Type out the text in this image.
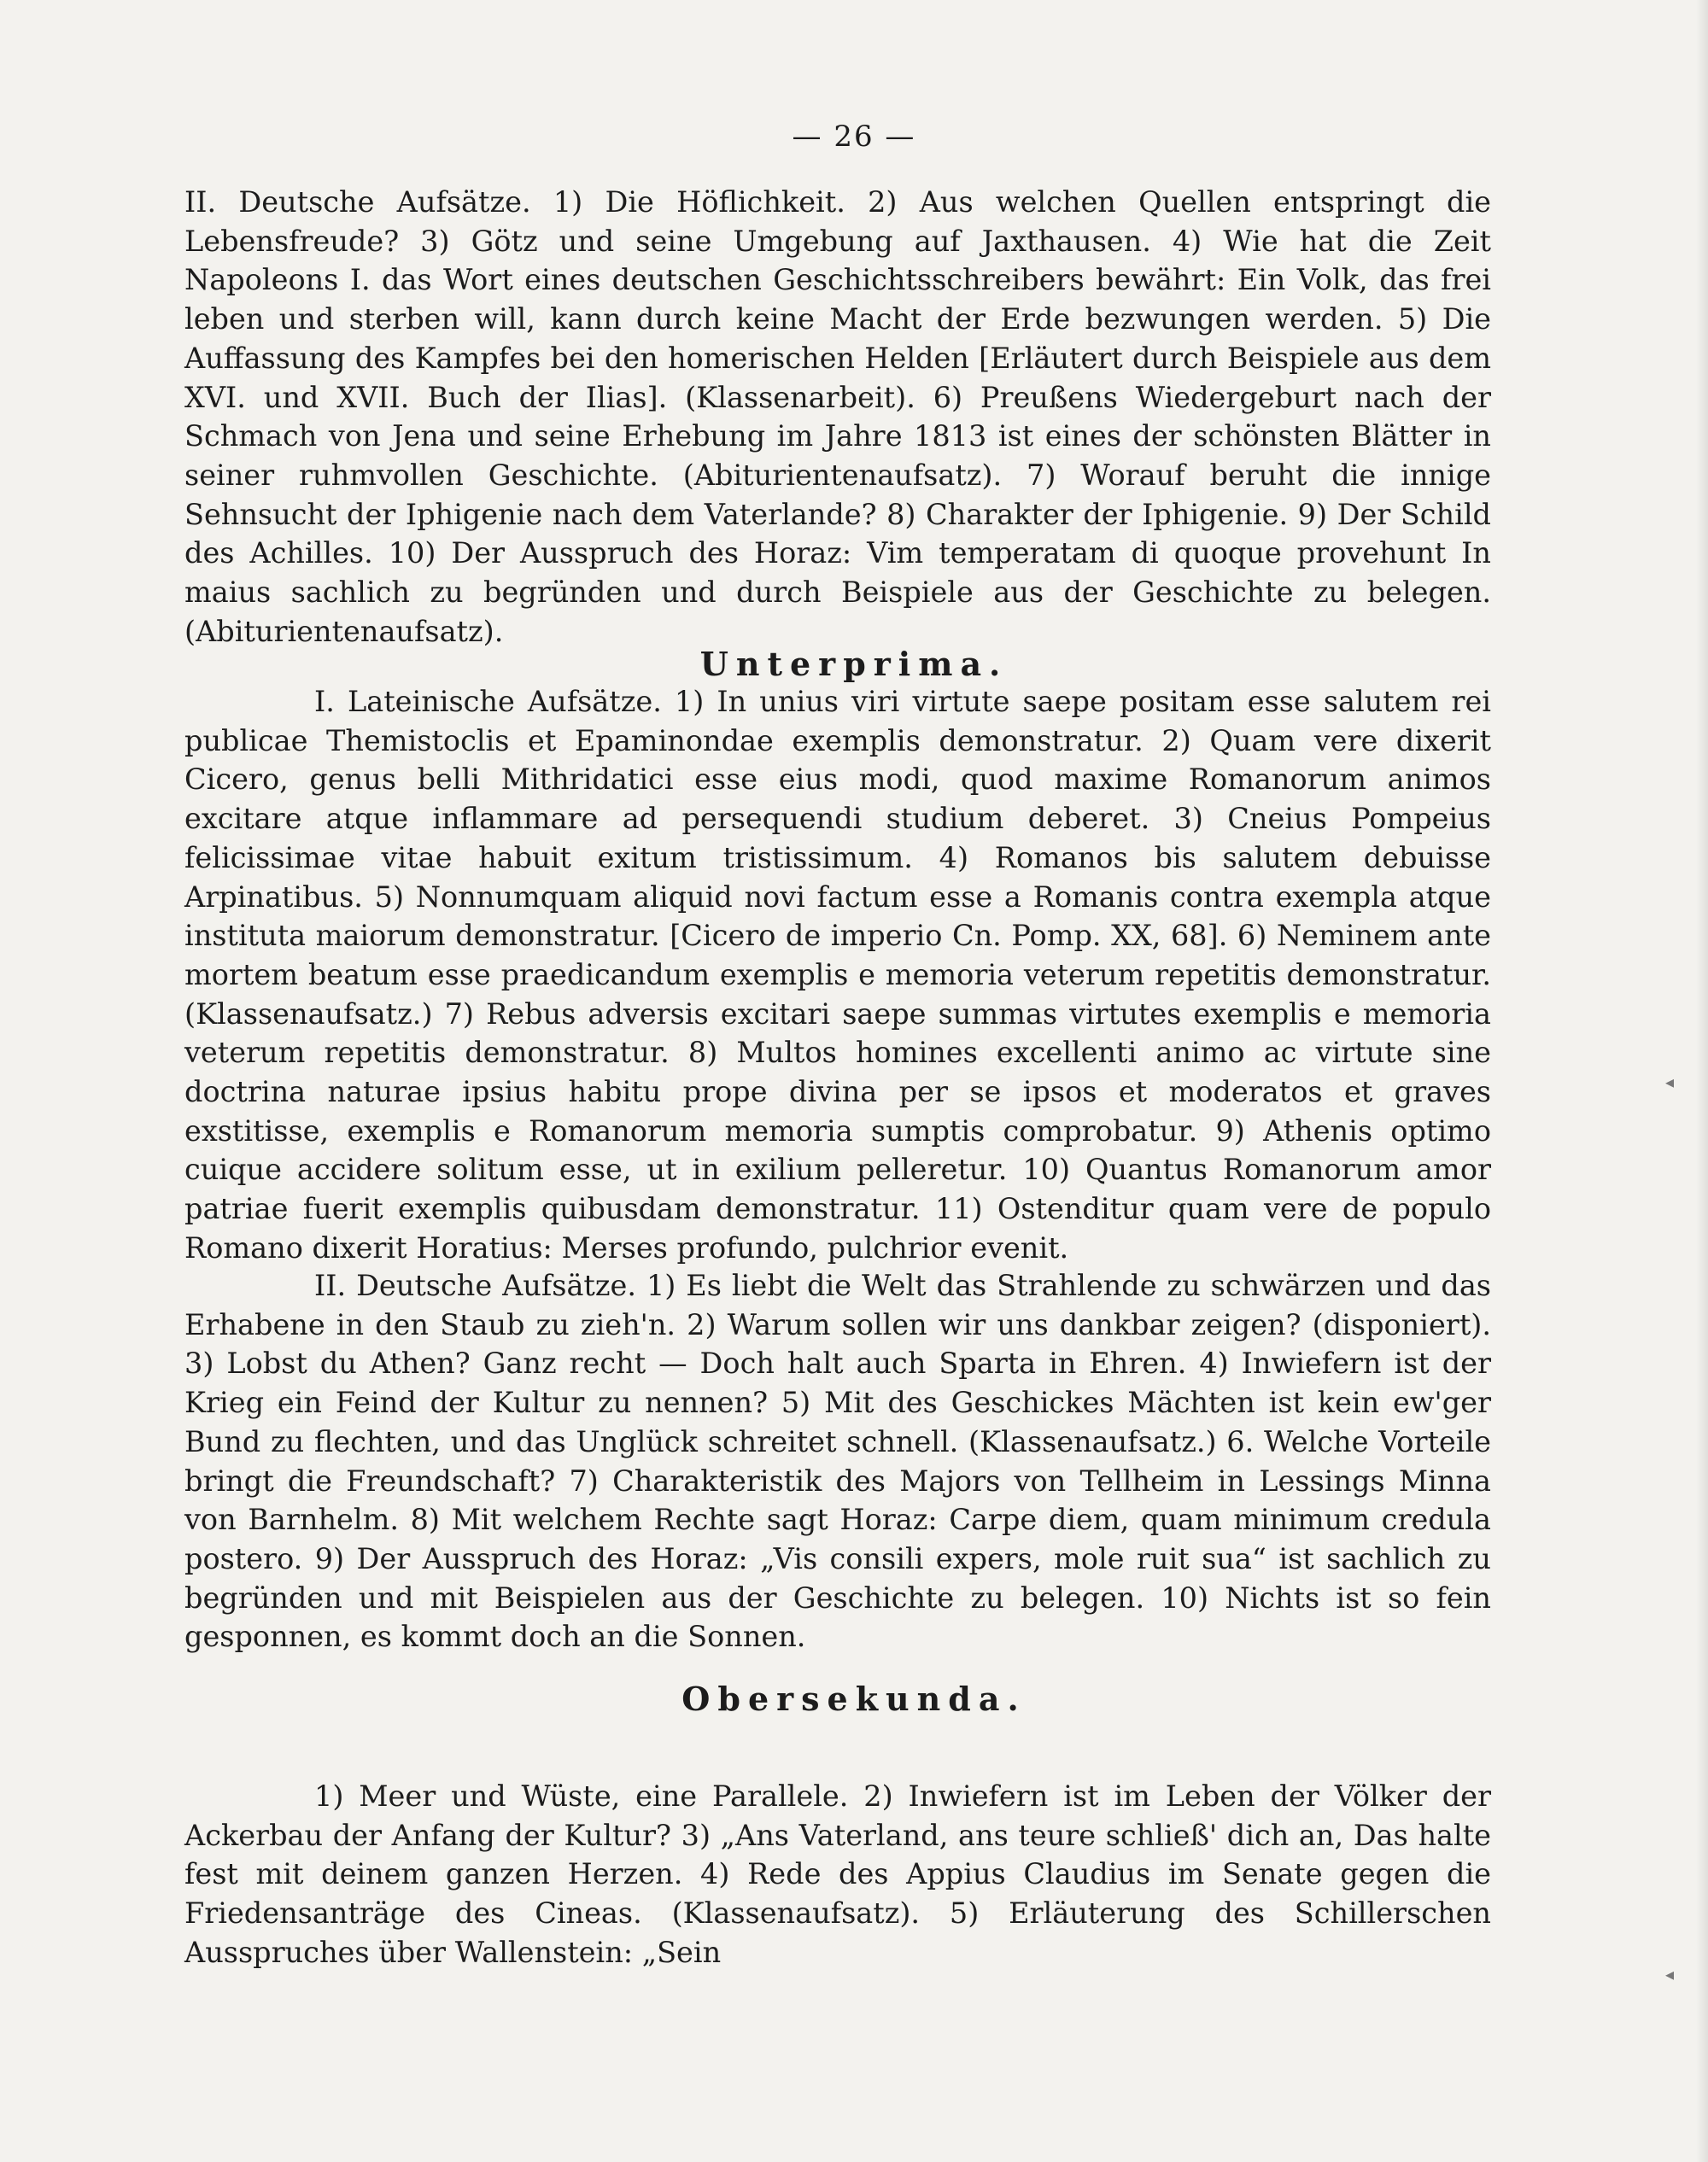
— 26 —

II. Deutsche Aufsätze. 1) Die Höflichkeit. 2) Aus welchen Quellen entspringt die Lebensfreude? 3) Götz und seine Umgebung auf Jaxthausen. 4) Wie hat die Zeit Napoleons I. das Wort eines deutschen Geschichtsschreibers bewährt: Ein Volk, das frei leben und sterben will, kann durch keine Macht der Erde bezwungen werden. 5) Die Auffassung des Kampfes bei den homerischen Helden [Erläutert durch Beispiele aus dem XVI. und XVII. Buch der Ilias]. (Klassenarbeit). 6) Preußens Wiedergeburt nach der Schmach von Jena und seine Erhebung im Jahre 1813 ist eines der schönsten Blätter in seiner ruhmvollen Geschichte. (Abiturientenaufsatz). 7) Worauf beruht die innige Sehnsucht der Iphigenie nach dem Vaterlande? 8) Charakter der Iphigenie. 9) Der Schild des Achilles. 10) Der Ausspruch des Horaz: Vim temperatam di quoque provehunt In maius sachlich zu begründen und durch Beispiele aus der Geschichte zu belegen. (Abiturientenaufsatz).

Unterprima.

I. Lateinische Aufsätze. 1) In unius viri virtute saepe positam esse salutem rei publicae Themistoclis et Epaminondae exemplis demonstratur. 2) Quam vere dixerit Cicero, genus belli Mithridatici esse eius modi, quod maxime Romanorum animos excitare atque inflammare ad persequendi studium deberet. 3) Cneius Pompeius felicissimae vitae habuit exitum tristissimum. 4) Romanos bis salutem debuisse Arpinatibus. 5) Nonnumquam aliquid novi factum esse a Romanis contra exempla atque instituta maiorum demonstratur. [Cicero de imperio Cn. Pomp. XX, 68]. 6) Neminem ante mortem beatum esse praedicandum exemplis e memoria veterum repetitis demonstratur. (Klassenaufsatz.) 7) Rebus adversis excitari saepe summas virtutes exemplis e memoria veterum repetitis demonstratur. 8) Multos homines excellenti animo ac virtute sine doctrina naturae ipsius habitu prope divina per se ipsos et moderatos et graves exstitisse, exemplis e Romanorum memoria sumptis comprobatur. 9) Athenis optimo cuique accidere solitum esse, ut in exilium pelleretur. 10) Quantus Romanorum amor patriae fuerit exemplis quibusdam demonstratur. 11) Ostenditur quam vere de populo Romano dixerit Horatius: Merses profundo, pulchrior evenit.

II. Deutsche Aufsätze. 1) Es liebt die Welt das Strahlende zu schwärzen und das Erhabene in den Staub zu zieh'n. 2) Warum sollen wir uns dankbar zeigen? (disponiert). 3) Lobst du Athen? Ganz recht — Doch halt auch Sparta in Ehren. 4) Inwiefern ist der Krieg ein Feind der Kultur zu nennen? 5) Mit des Geschickes Mächten ist kein ew'ger Bund zu flechten, und das Unglück schreitet schnell. (Klassenaufsatz.) 6. Welche Vorteile bringt die Freundschaft? 7) Charakteristik des Majors von Tellheim in Lessings Minna von Barnhelm. 8) Mit welchem Rechte sagt Horaz: Carpe diem, quam minimum credula postero. 9) Der Ausspruch des Horaz: „Vis consili expers, mole ruit sua“ ist sachlich zu begründen und mit Beispielen aus der Geschichte zu belegen. 10) Nichts ist so fein gesponnen, es kommt doch an die Sonnen.

Obersekunda.

1) Meer und Wüste, eine Parallele. 2) Inwiefern ist im Leben der Völker der Ackerbau der Anfang der Kultur? 3) „Ans Vaterland, ans teure schließ' dich an, Das halte fest mit deinem ganzen Herzen. 4) Rede des Appius Claudius im Senate gegen die Friedensanträge des Cineas. (Klassenaufsatz). 5) Erläuterung des Schillerschen Ausspruches über Wallenstein: „Sein

◂
◂
